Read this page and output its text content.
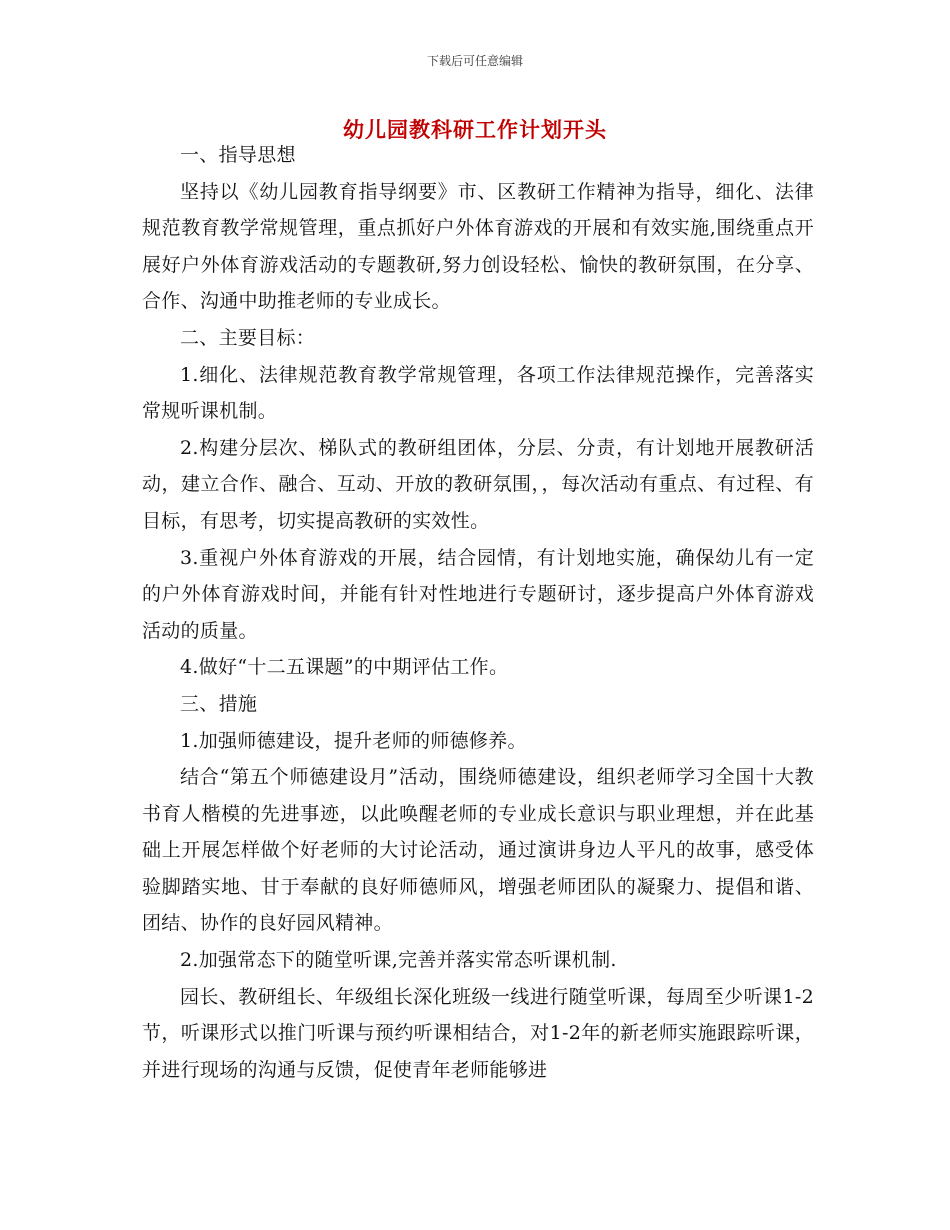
下载后可任意编辑
幼儿园教科研工作计划开头

一、指导思想

坚持以《幼儿园教育指导纲要》市、区教研工作精神为指导，细化、法律规范教育教学常规管理，重点抓好户外体育游戏的开展和有效实施,围绕重点开展好户外体育游戏活动的专题教研,努力创设轻松、愉快的教研氛围，在分享、合作、沟通中助推老师的专业成长。

二、主要目标：

1.细化、法律规范教育教学常规管理，各项工作法律规范操作，完善落实常规听课机制。

2.构建分层次、梯队式的教研组团体，分层、分责，有计划地开展教研活动，建立合作、融合、互动、开放的教研氛围，，每次活动有重点、有过程、有目标，有思考，切实提高教研的实效性。

3.重视户外体育游戏的开展，结合园情，有计划地实施，确保幼儿有一定的户外体育游戏时间，并能有针对性地进行专题研讨，逐步提高户外体育游戏活动的质量。

4.做好“十二五课题”的中期评估工作。

三、措施

1.加强师德建设，提升老师的师德修养。

结合“第五个师德建设月”活动，围绕师德建设，组织老师学习全国十大教书育人楷模的先进事迹，以此唤醒老师的专业成长意识与职业理想，并在此基础上开展怎样做个好老师的大讨论活动，通过演讲身边人平凡的故事，感受体验脚踏实地、甘于奉献的良好师德师风，增强老师团队的凝聚力、提倡和谐、团结、协作的良好园风精神。

2.加强常态下的随堂听课,完善并落实常态听课机制.

园长、教研组长、年级组长深化班级一线进行随堂听课，每周至少听课1-2节，听课形式以推门听课与预约听课相结合，对1-2年的新老师实施跟踪听课，并进行现场的沟通与反馈，促使青年老师能够进
